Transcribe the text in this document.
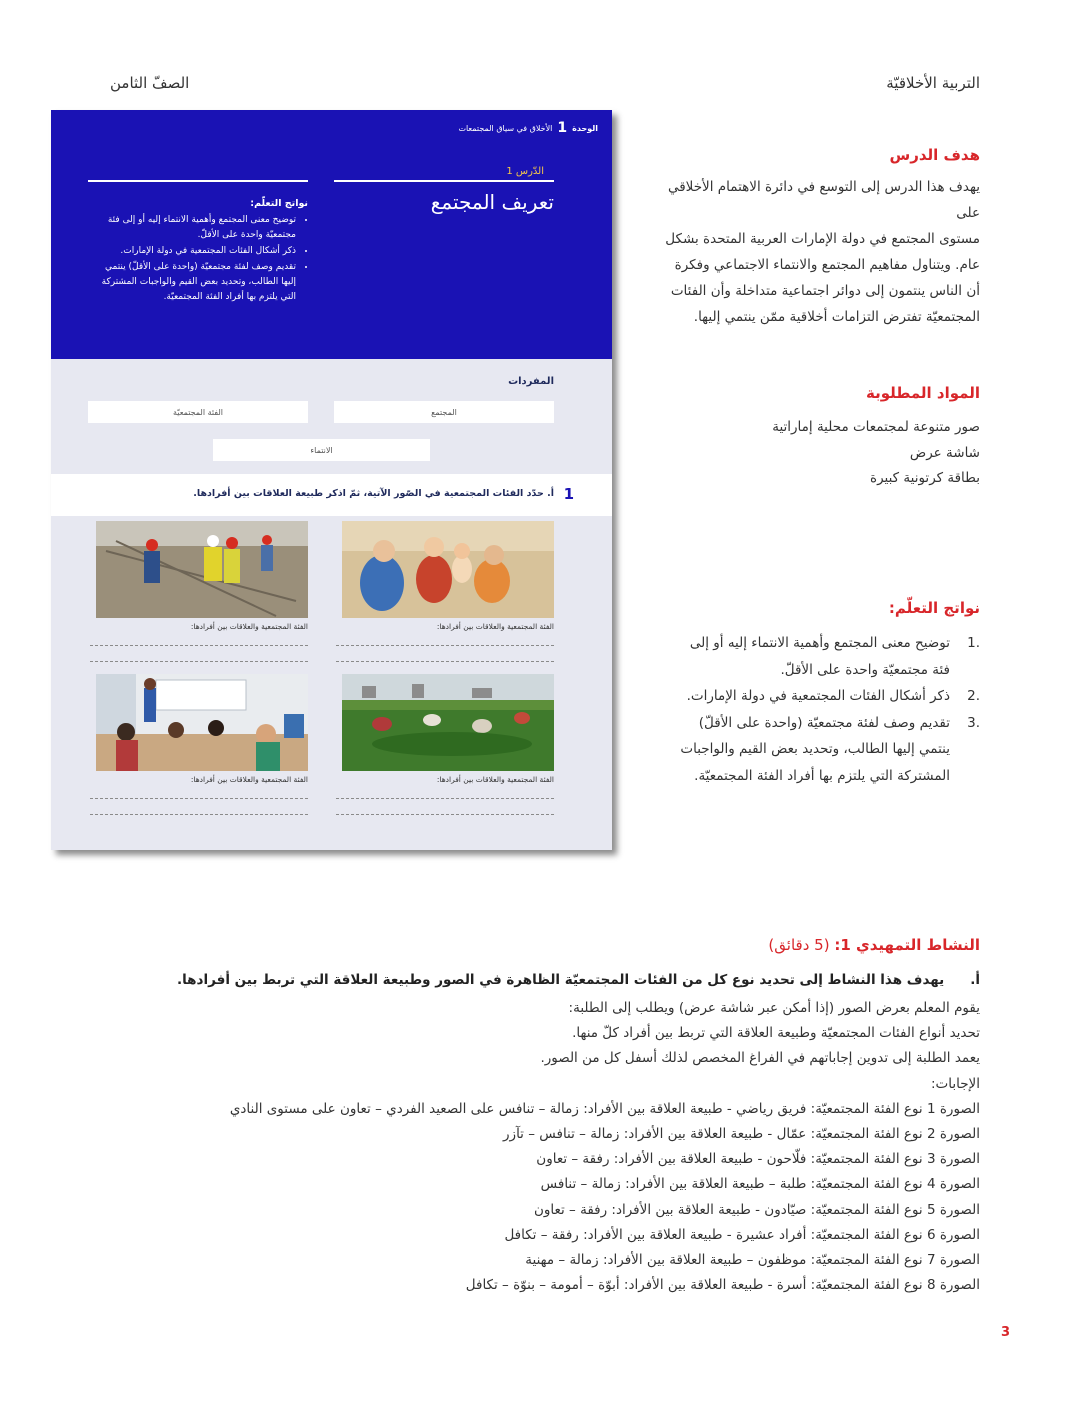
التربية الأخلاقيّة
الصفّ الثامن
الوحدة
1
الأخلاق في سياق المجتمعات
الدّرس 1
تعريف المجتمع
نواتج التعلّم:
• توضيح معنى المجتمع وأهمية الانتماء إليه أو إلى فئة مجتمعيّة واحدة على الأقلّ.
• ذكر أشكال الفئات المجتمعية في دولة الإمارات.
• تقديم وصف لفئة مجتمعيّة (واحدة على الأقلّ) ينتمي إليها الطالب، وتحديد بعض القيم والواجبات المشتركة التي يلتزم بها أفراد الفئة المجتمعيّة.
المفردات
المجتمع
الفئة المجتمعيّة
الانتماء
1
أ. حدّد الفئات المجتمعية في الصّور الآتية، ثمّ اذكر طبيعة العلاقات بين أفرادها.
الفئة المجتمعية والعلاقات بين أفرادها:
الفئة المجتمعية والعلاقات بين أفرادها:
الفئة المجتمعية والعلاقات بين أفرادها:
الفئة المجتمعية والعلاقات بين أفرادها:
هدف الدرس
يهدف هذا الدرس إلى التوسع في دائرة الاهتمام الأخلاقي على
مستوى المجتمع في دولة الإمارات العربية المتحدة بشكل
عام. ويتناول مفاهيم المجتمع والانتماء الاجتماعي وفكرة
أن الناس ينتمون إلى دوائر اجتماعية متداخلة وأن الفئات
المجتمعيّة تفترض التزامات أخلاقية ممّن ينتمي إليها.
المواد المطلوبة
صور متنوعة لمجتمعات محلية إماراتية
شاشة عرض
بطاقة كرتونية كبيرة
نواتج التعلّم:
.1
توضيح معنى المجتمع وأهمية الانتماء إليه أو إلى فئة مجتمعيّة واحدة على الأقلّ.
.2
ذكر أشكال الفئات المجتمعية في دولة الإمارات.
.3
تقديم وصف لفئة مجتمعيّة (واحدة على الأقلّ) ينتمي إليها الطالب، وتحديد بعض القيم والواجبات المشتركة التي يلتزم بها أفراد الفئة المجتمعيّة.
النشاط التمهيدي 1: (5 دقائق)
أ.يهدف هذا النشاط إلى تحديد نوع كل من الفئات المجتمعيّة الظاهرة في الصور وطبيعة العلاقة التي تربط بين أفرادها.
يقوم المعلم بعرض الصور (إذا أمكن عبر شاشة عرض) ويطلب إلى الطلبة:
تحديد أنواع الفئات المجتمعيّة وطبيعة العلاقة التي تربط بين أفراد كلّ منها.
يعمد الطلبة إلى تدوين إجاباتهم في الفراغ المخصص لذلك أسفل كل من الصور.
الإجابات:
الصورة 1 نوع الفئة المجتمعيّة: فريق رياضي - طبيعة العلاقة بين الأفراد: زمالة – تنافس على الصعيد الفردي – تعاون على مستوى النادي
الصورة 2 نوع الفئة المجتمعيّة: عمّال - طبيعة العلاقة بين الأفراد: زمالة – تنافس – تآزر
الصورة 3 نوع الفئة المجتمعيّة: فلّاحون - طبيعة العلاقة بين الأفراد: رفقة – تعاون
الصورة 4 نوع الفئة المجتمعيّة: طلبة – طبيعة العلاقة بين الأفراد: زمالة – تنافس
الصورة 5 نوع الفئة المجتمعيّة: صيّادون - طبيعة العلاقة بين الأفراد: رفقة – تعاون
الصورة 6 نوع الفئة المجتمعيّة: أفراد عشيرة - طبيعة العلاقة بين الأفراد: رفقة – تكافل
الصورة 7 نوع الفئة المجتمعيّة: موظفون – طبيعة العلاقة بين الأفراد: زمالة – مهنية
الصورة 8 نوع الفئة المجتمعيّة: أسرة - طبيعة العلاقة بين الأفراد: أبوّة – أمومة – بنوّة – تكافل
3
